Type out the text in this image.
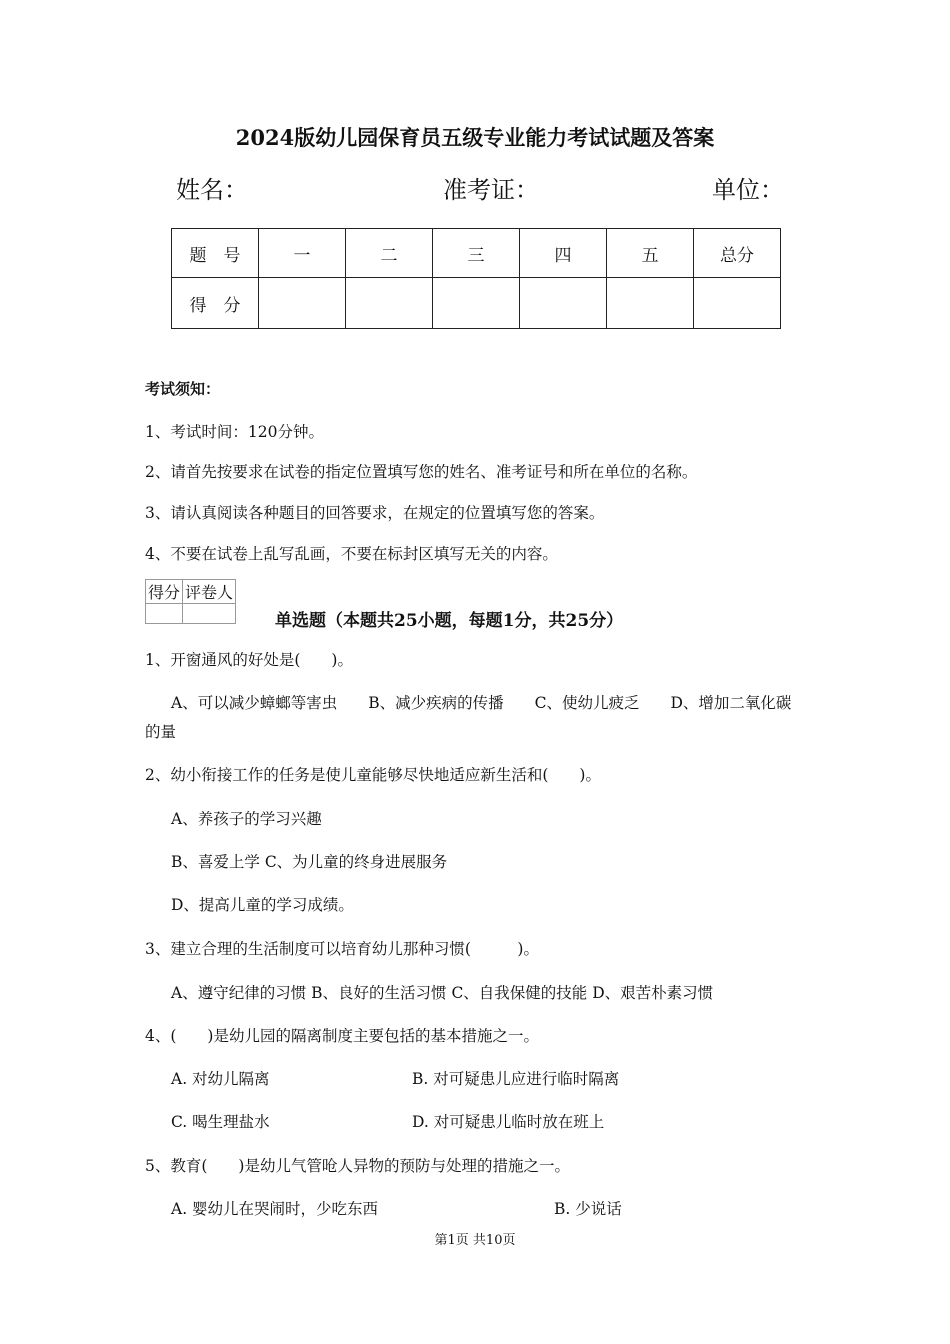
2024版幼儿园保育员五级专业能力考试试题及答案
姓名：	准考证：	单位：
题　号	一	二	三	四	五	总分
得　分						
考试须知：
1、考试时间：120分钟。
2、请首先按要求在试卷的指定位置填写您的姓名、准考证号和所在单位的名称。
3、请认真阅读各种题目的回答要求，在规定的位置填写您的答案。
4、不要在试卷上乱写乱画，不要在标封区填写无关的内容。
得分	评卷人

单选题（本题共25小题，每题1分，共25分）
1、开窗通风的好处是(　　)。
A、可以减少蟑螂等害虫　　B、减少疾病的传播　　C、使幼儿疲乏　　D、增加二氧化碳
的量
2、幼小衔接工作的任务是使儿童能够尽快地适应新生活和(　　)。
A、养孩子的学习兴趣
B、喜爱上学 C、为儿童的终身进展服务
D、提高儿童的学习成绩。
3、建立合理的生活制度可以培育幼儿那种习惯(　　　)。
A、遵守纪律的习惯 B、良好的生活习惯 C、自我保健的技能 D、艰苦朴素习惯
4、(　　)是幼儿园的隔离制度主要包括的基本措施之一。
A. 对幼儿隔离	B. 对可疑患儿应进行临时隔离
C. 喝生理盐水	D. 对可疑患儿临时放在班上
5、教育(　　)是幼儿气管呛人异物的预防与处理的措施之一。
A. 婴幼儿在哭闹时，少吃东西	B. 少说话
第1页 共10页
